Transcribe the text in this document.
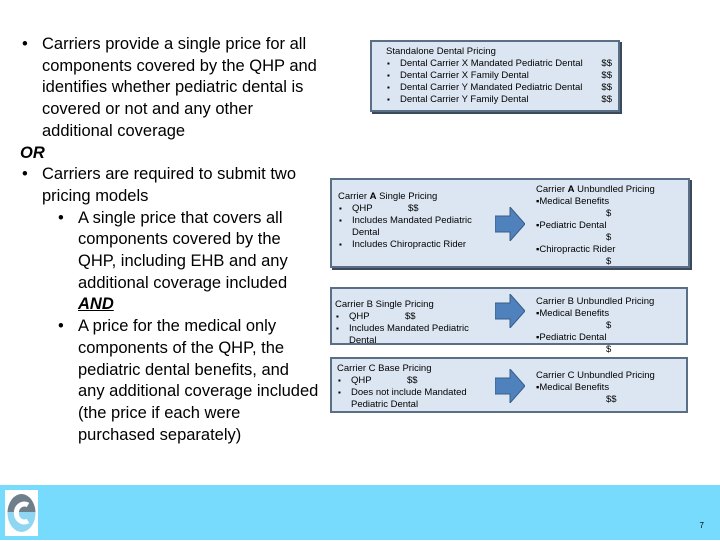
• Carriers provide a single price for all components covered by the QHP and identifies whether pediatric dental is covered or not and any other additional coverage
OR
• Carriers are required to submit two pricing models
• A single price that covers all components covered by the QHP, including EHB and any additional coverage included  AND
• A price for the medical only components of the QHP, the pediatric dental benefits, and any additional coverage included (the price if each were purchased separately)
Standalone Dental Pricing
▪ Dental Carrier X Mandated Pediatric Dental $$
▪ Dental Carrier X Family Dental	$$
▪ Dental Carrier Y Mandated Pediatric Dental $$
▪ Dental Carrier Y Family Dental	$$
Carrier A Single Pricing
▪ QHP	$$
▪ Includes Mandated Pediatric Dental
▪ Includes Chiropractic Rider
Carrier A Unbundled Pricing
▪Medical Benefits
$
▪Pediatric Dental
$
▪Chiropractic Rider
$
Carrier B Single Pricing
▪ QHP	$$
▪ Includes Mandated Pediatric Dental
Carrier B Unbundled Pricing
▪Medical Benefits
$
▪Pediatric Dental
$
Carrier C Base Pricing
▪ QHP	$$
▪ Does not include Mandated Pediatric Dental
Carrier C Unbundled Pricing
▪Medical Benefits
$$
7
